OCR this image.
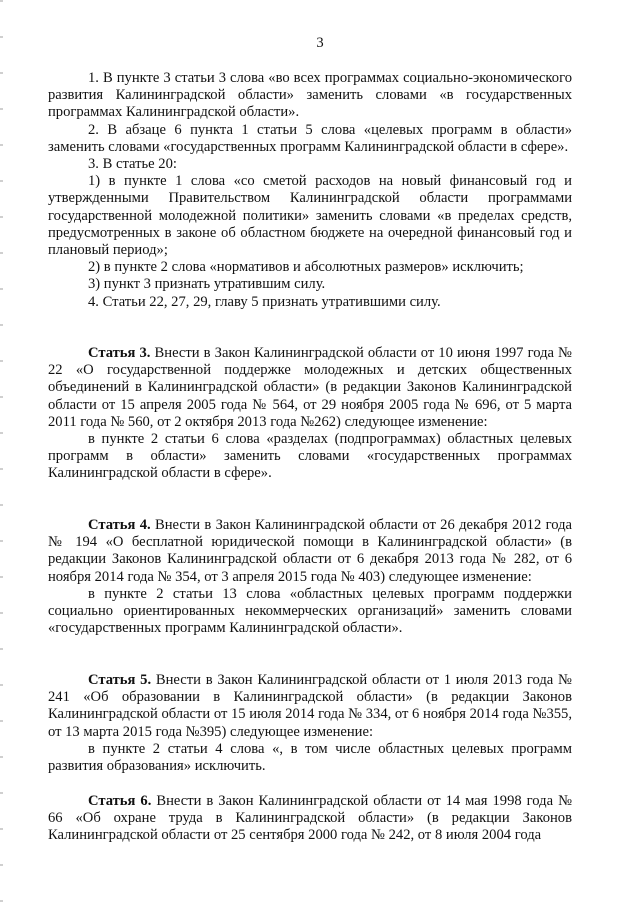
3

1. В пункте 3 статьи 3 слова «во всех программах социально-экономического развития Калининградской области» заменить словами «в государственных программах Калининградской области».

2. В абзаце 6 пункта 1 статьи 5 слова «целевых программ в области» заменить словами «государственных программ Калининградской области в сфере».

3. В статье 20:

1) в пункте 1 слова «со сметой расходов на новый финансовый год и утвержденными Правительством Калининградской области программами государственной молодежной политики» заменить словами «в пределах средств, предусмотренных в законе об областном бюджете на очередной финансовый год и плановый период»;

2) в пункте 2 слова «нормативов и абсолютных размеров» исключить;

3) пункт 3 признать утратившим силу.

4. Статьи 22, 27, 29, главу 5 признать утратившими силу.

Статья 3. Внести в Закон Калининградской области от 10 июня 1997 года № 22 «О государственной поддержке молодежных и детских общественных объединений в Калининградской области» (в редакции Законов Калининградской области от 15 апреля 2005 года № 564, от 29 ноября 2005 года № 696, от 5 марта 2011 года № 560, от 2 октября 2013 года №262) следующее изменение:

в пункте 2 статьи 6 слова «разделах (подпрограммах) областных целевых программ в области» заменить словами «государственных программах Калининградской области в сфере».

Статья 4. Внести в Закон Калининградской области от 26 декабря 2012 года № 194 «О бесплатной юридической помощи в Калининградской области» (в редакции Законов Калининградской области от 6 декабря 2013 года № 282, от 6 ноября 2014 года № 354, от 3 апреля 2015 года № 403) следующее изменение:

в пункте 2 статьи 13 слова «областных целевых программ поддержки социально ориентированных некоммерческих организаций» заменить словами «государственных программ Калининградской области».

Статья 5. Внести в Закон Калининградской области от 1 июля 2013 года № 241 «Об образовании в Калининградской области» (в редакции Законов Калининградской области от 15 июля 2014 года № 334, от 6 ноября 2014 года №355, от 13 марта 2015 года №395) следующее изменение:

в пункте 2 статьи 4 слова «, в том числе областных целевых программ развития образования» исключить.

Статья 6. Внести в Закон Калининградской области от 14 мая 1998 года № 66 «Об охране труда в Калининградской области» (в редакции Законов Калининградской области от 25 сентября 2000 года № 242, от 8 июля 2004 года
